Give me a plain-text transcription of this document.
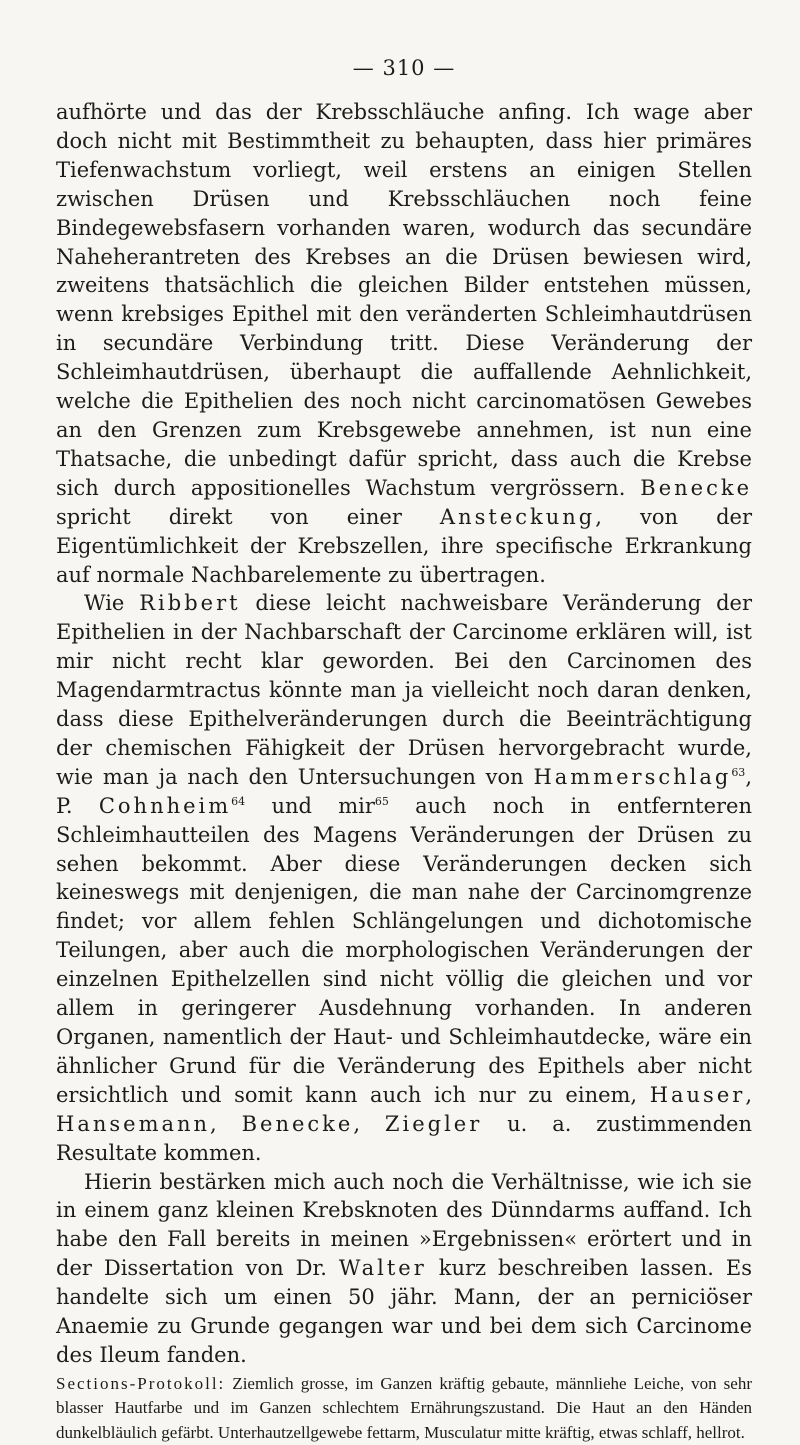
— 310 —

aufhörte und das der Krebsschläuche anfing. Ich wage aber doch nicht mit Bestimmtheit zu behaupten, dass hier primäres Tiefenwachstum vorliegt, weil erstens an einigen Stellen zwischen Drüsen und Krebsschläuchen noch feine Bindegewebsfasern vorhanden waren, wodurch das secundäre Naheherantreten des Krebses an die Drüsen bewiesen wird, zweitens thatsächlich die gleichen Bilder entstehen müssen, wenn krebsiges Epithel mit den veränderten Schleimhautdrüsen in secundäre Verbindung tritt. Diese Veränderung der Schleimhautdrüsen, überhaupt die auffallende Aehnlichkeit, welche die Epithelien des noch nicht carcinomatösen Gewebes an den Grenzen zum Krebsgewebe annehmen, ist nun eine Thatsache, die unbedingt dafür spricht, dass auch die Krebse sich durch appositionelles Wachstum vergrössern. Benecke spricht direkt von einer Ansteckung, von der Eigentümlichkeit der Krebszellen, ihre specifische Erkrankung auf normale Nachbarelemente zu übertragen.

Wie Ribbert diese leicht nachweisbare Veränderung der Epithelien in der Nachbarschaft der Carcinome erklären will, ist mir nicht recht klar geworden. Bei den Carcinomen des Magendarmtractus könnte man ja vielleicht noch daran denken, dass diese Epithelveränderungen durch die Beeinträchtigung der chemischen Fähigkeit der Drüsen hervorgebracht wurde, wie man ja nach den Untersuchungen von Hammerschlag$^{63}$, P. Cohnheim$^{64}$ und mir$^{65}$ auch noch in entfernteren Schleimhautteilen des Magens Veränderungen der Drüsen zu sehen bekommt. Aber diese Veränderungen decken sich keineswegs mit denjenigen, die man nahe der Carcinomgrenze findet; vor allem fehlen Schlängelungen und dichotomische Teilungen, aber auch die morphologischen Veränderungen der einzelnen Epithelzellen sind nicht völlig die gleichen und vor allem in geringerer Ausdehnung vorhanden. In anderen Organen, namentlich der Haut- und Schleimhautdecke, wäre ein ähnlicher Grund für die Veränderung des Epithels aber nicht ersichtlich und somit kann auch ich nur zu einem, Hauser, Hansemann, Benecke, Ziegler u. a. zustimmenden Resultate kommen.

Hierin bestärken mich auch noch die Verhältnisse, wie ich sie in einem ganz kleinen Krebsknoten des Dünndarms auffand. Ich habe den Fall bereits in meinen »Ergebnissen« erörtert und in der Dissertation von Dr. Walter kurz beschreiben lassen. Es handelte sich um einen 50 jähr. Mann, der an perniciöser Anaemie zu Grunde gegangen war und bei dem sich Carcinome des Ileum fanden.

Sections-Protokoll: Ziemlich grosse, im Ganzen kräftig gebaute, männliehe Leiche, von sehr blasser Hautfarbe und im Ganzen schlechtem Ernährungszustand. Die Haut an den Händen dunkelbläulich gefärbt. Unterhautzellgewebe fettarm, Musculatur mitte kräftig, etwas schlaff, hellrot.
